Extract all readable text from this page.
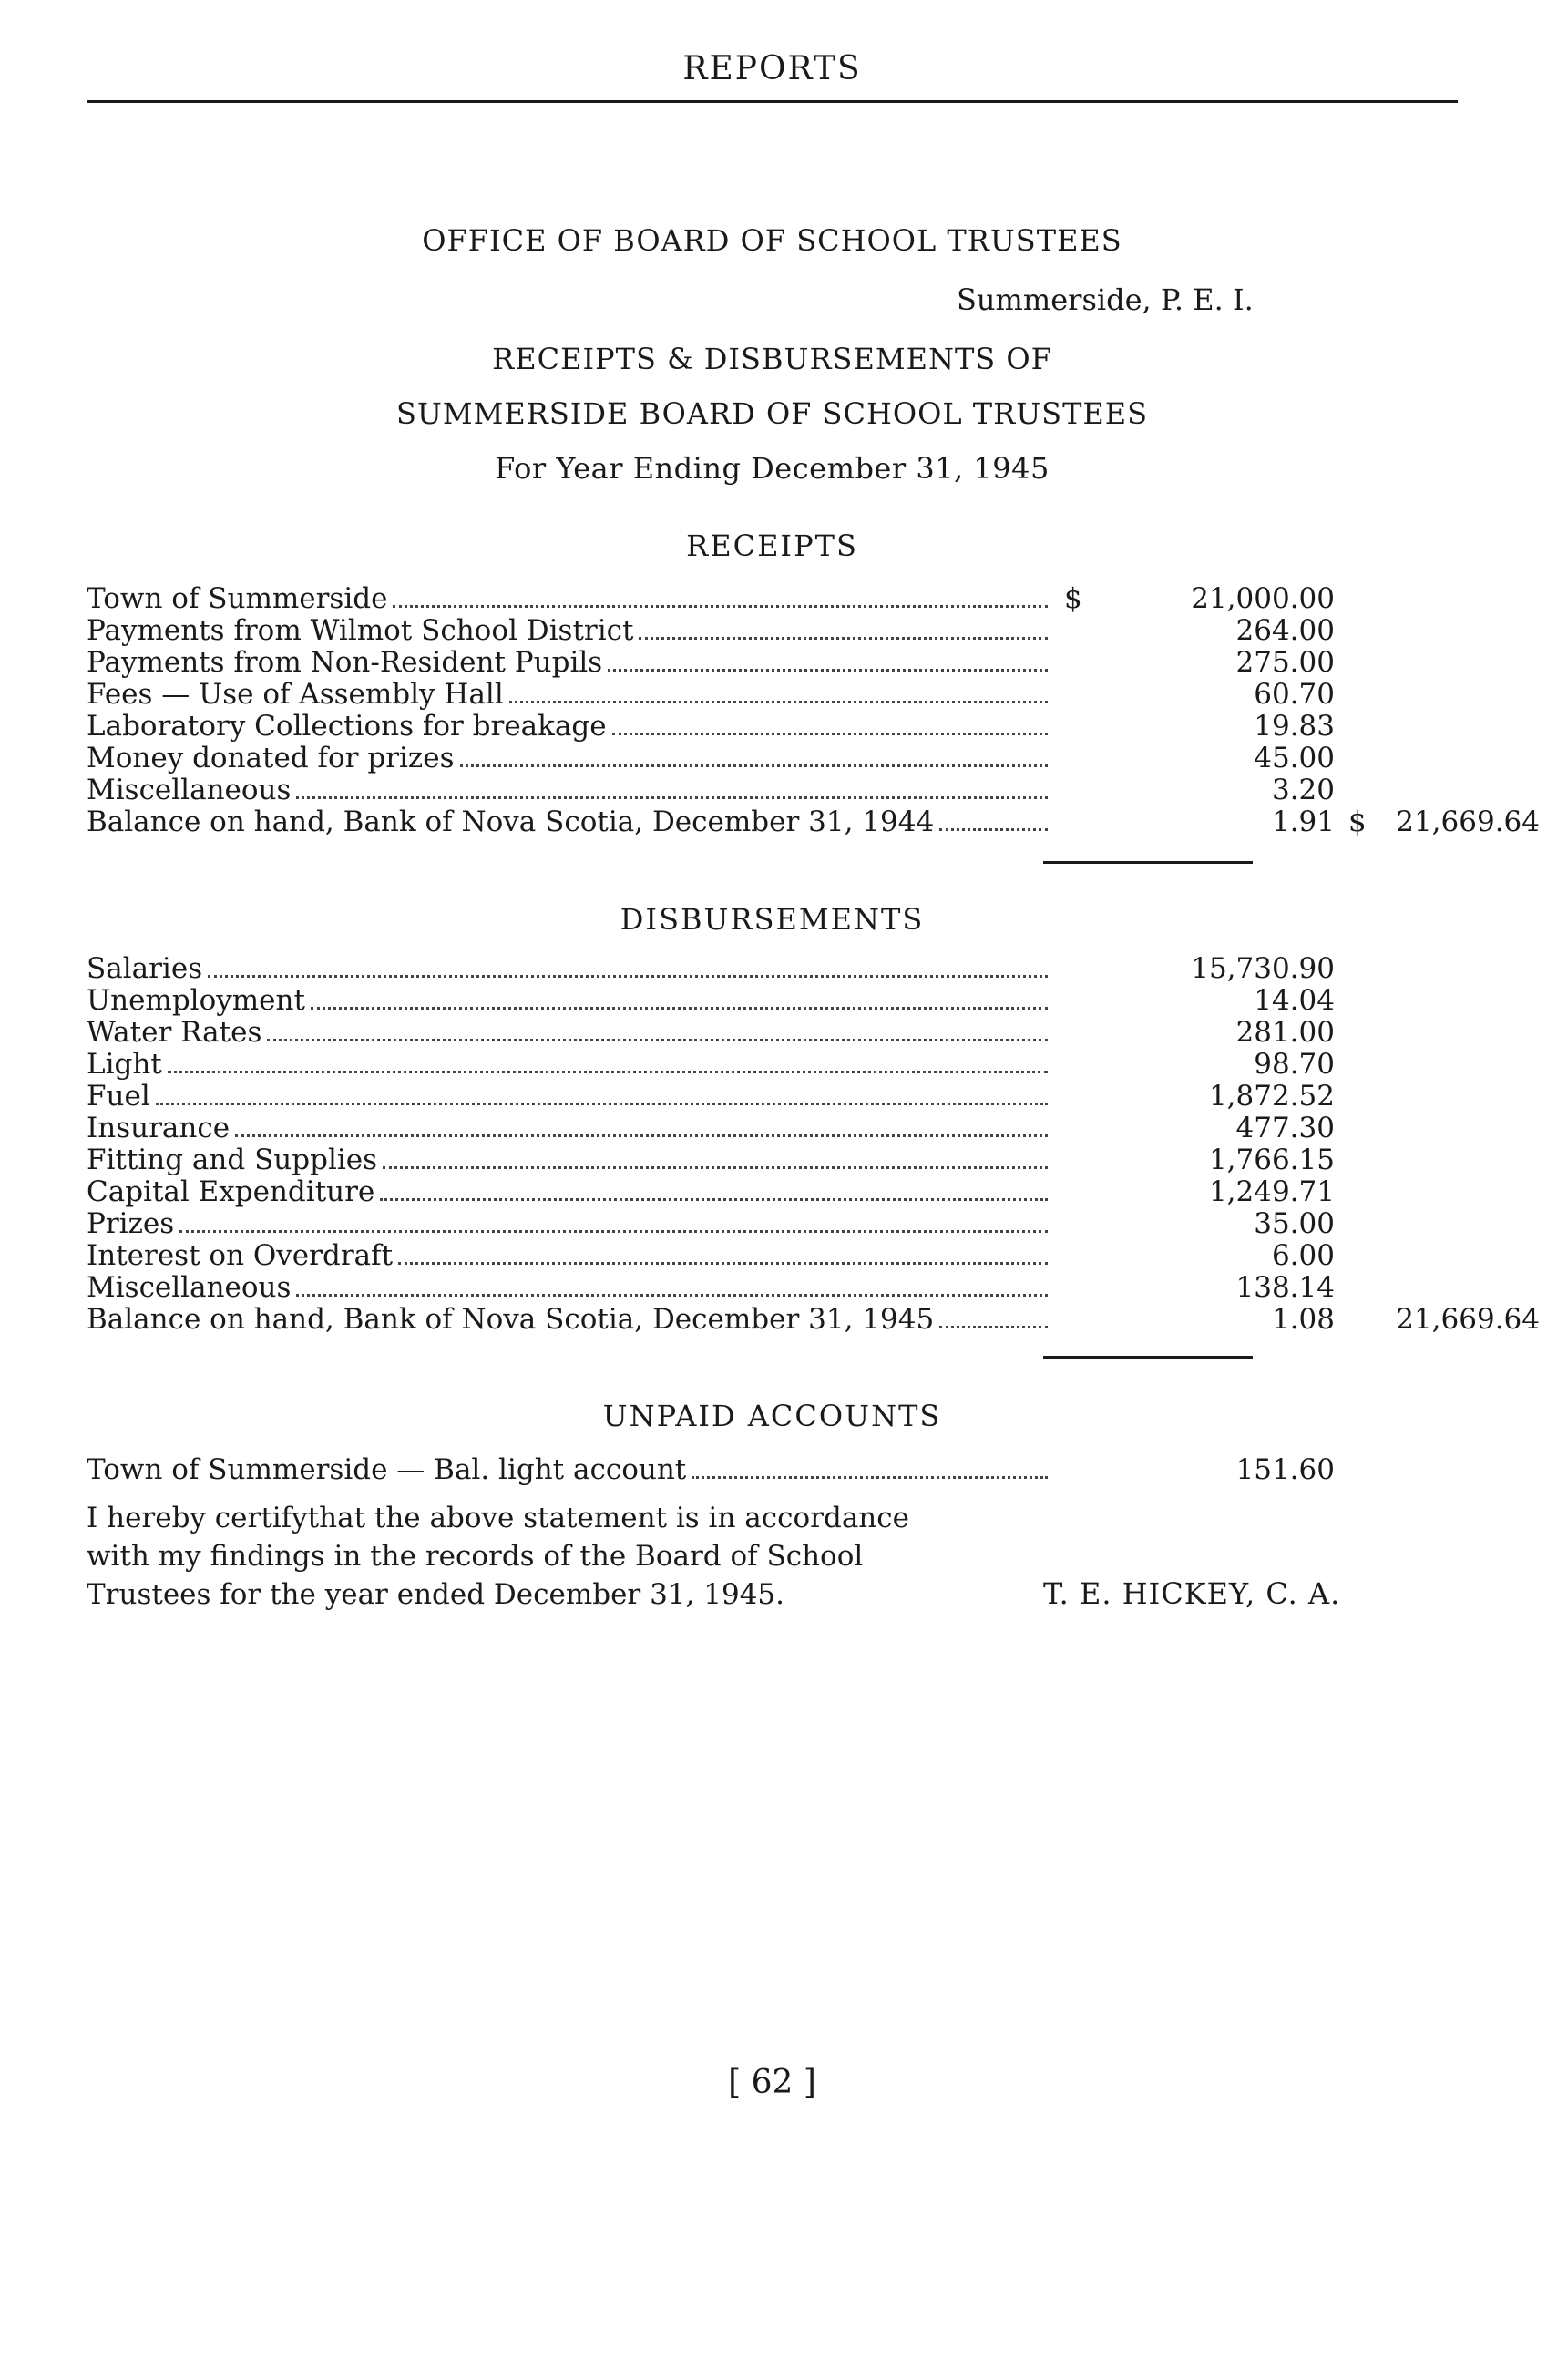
REPORTS
OFFICE OF BOARD OF SCHOOL TRUSTEES
Summerside, P. E. I.
RECEIPTS & DISBURSEMENTS OF
SUMMERSIDE BOARD OF SCHOOL TRUSTEES
For Year Ending December 31, 1945
RECEIPTS
Town of Summerside	$	21,000.00
Payments from Wilmot School District	264.00
Payments from Non-Resident Pupils	275.00
Fees — Use of Assembly Hall	60.70
Laboratory Collections for breakage	19.83
Money donated for prizes	45.00
Miscellaneous	3.20
Balance on hand, Bank of Nova Scotia, December 31, 1944	1.91 $	21,669.64
DISBURSEMENTS
Salaries	15,730.90
Unemployment	14.04
Water Rates	281.00
Light	98.70
Fuel	1,872.52
Insurance	477.30
Fitting and Supplies	1,766.15
Capital Expenditure	1,249.71
Prizes	35.00
Interest on Overdraft	6.00
Miscellaneous	138.14
Balance on hand, Bank of Nova Scotia, December 31, 1945	1.08	21,669.64
UNPAID ACCOUNTS
Town of Summerside — Bal. light account	151.60
I hereby certifythat the above statement is in accordance
with my findings in the records of the Board of School
Trustees for the year ended December 31, 1945.	T. E. HICKEY, C. A.
[ 62 ]
